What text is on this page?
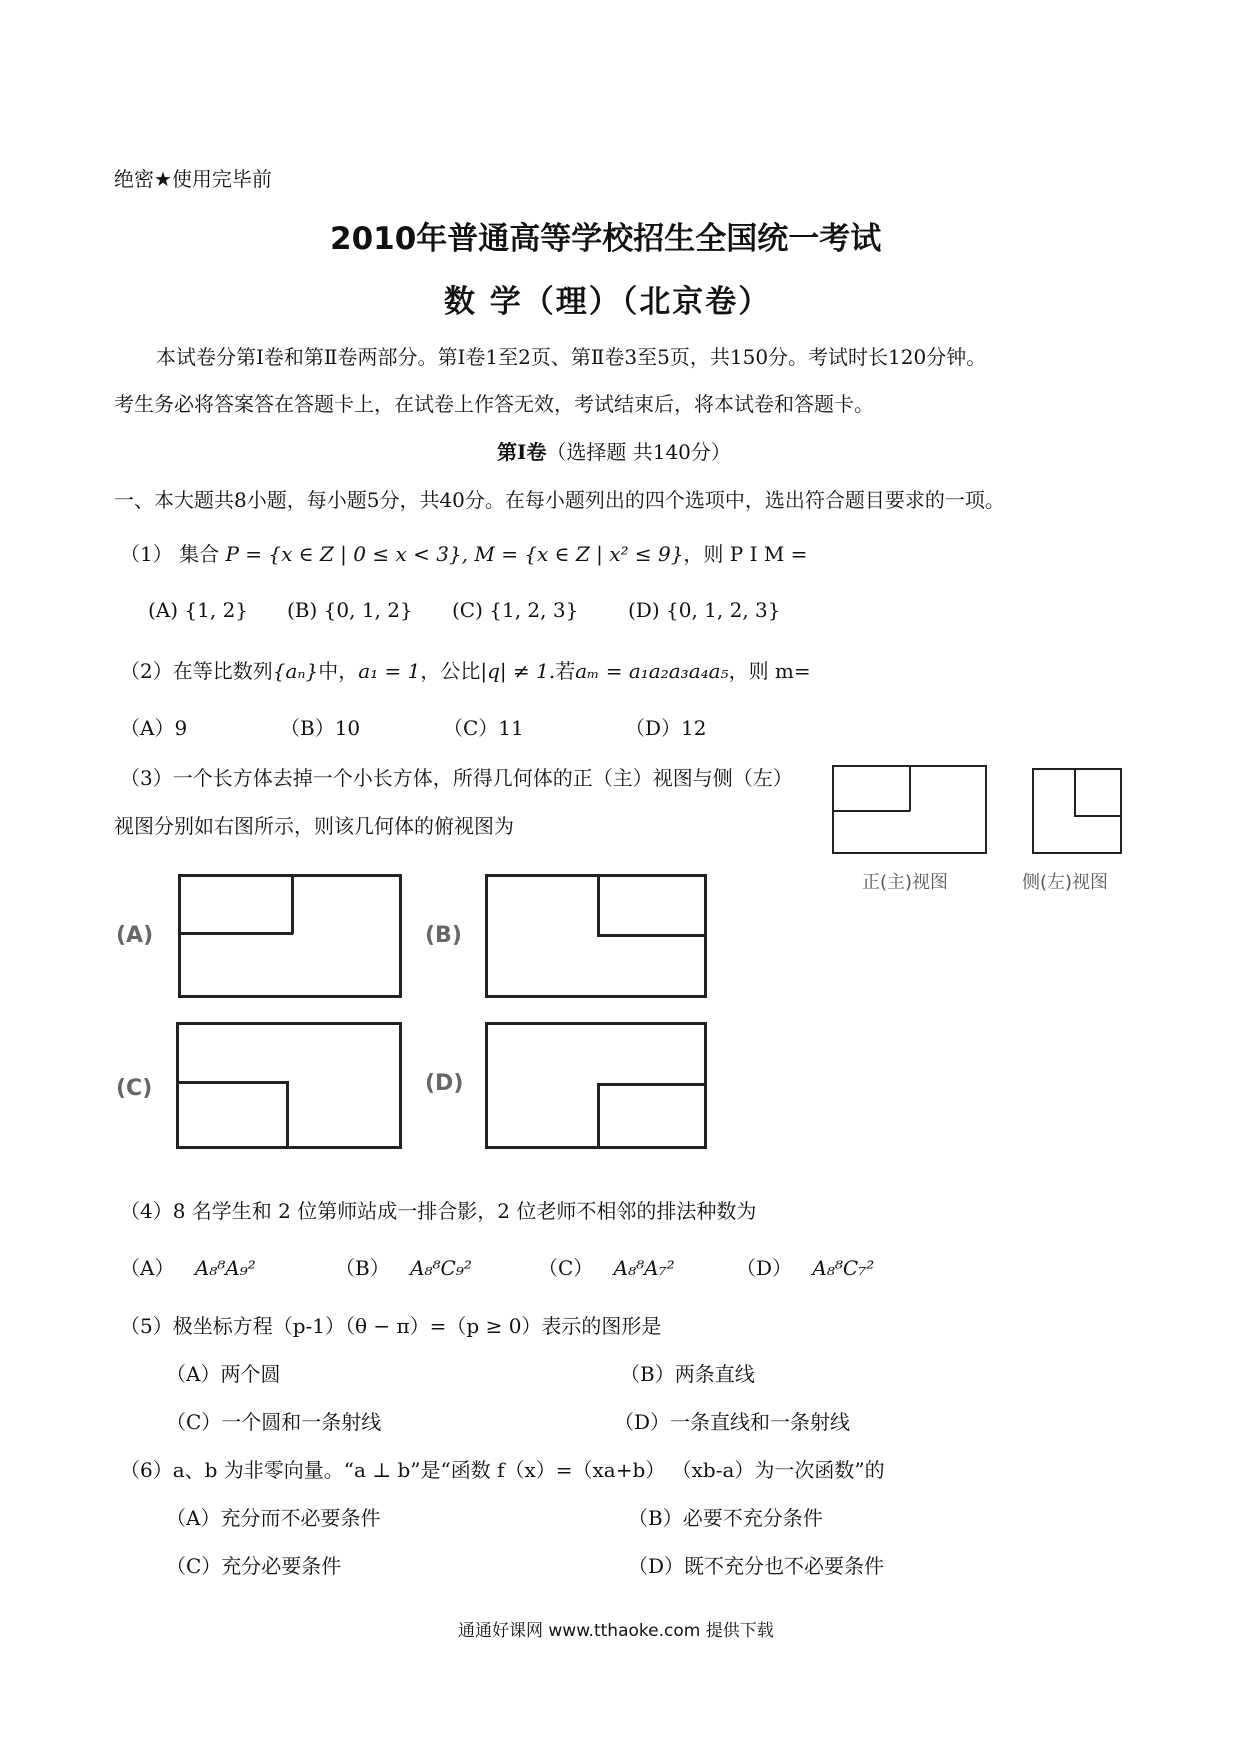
绝密★使用完毕前
2010年普通高等学校招生全国统一考试
数 学（理）（北京卷）
本试卷分第Ⅰ卷和第Ⅱ卷两部分。第Ⅰ卷1至2页、第Ⅱ卷3至5页，共150分。考试时长120分钟。
考生务必将答案答在答题卡上，在试卷上作答无效，考试结束后，将本试卷和答题卡。
第Ⅰ卷（选择题 共140分）
一、本大题共8小题，每小题5分，共40分。在每小题列出的四个选项中，选出符合题目要求的一项。
（1） 集合 P = {x ∈ Z | 0 ≤ x < 3}, M = {x ∈ Z | x² ≤ 9}，则 P I M =
(A) {1, 2} (B) {0, 1, 2} (C) {1, 2, 3} (D) {0, 1, 2, 3}
（2）在等比数列{aₙ}中，a₁ = 1，公比|q| ≠ 1.若aₘ = a₁a₂a₃a₄a₅，则 m=
（A）9	（B）10	（C）11	（D）12
（3）一个长方体去掉一个小长方体，所得几何体的正（主）视图与侧（左）
视图分别如右图所示，则该几何体的俯视图为
正(主)视图	侧(左)视图
(A)	(B)
(C)	(D)
（4）8 名学生和 2 位第师站成一排合影，2 位老师不相邻的排法种数为
（A） A₈⁸A₉²	（B） A₈⁸C₉²	（C） A₈⁸A₇²	（D） A₈⁸C₇²
（5）极坐标方程（p-1）（θ − π）=（p ≥ 0）表示的图形是
（A）两个圆	（B）两条直线
（C）一个圆和一条射线	（D）一条直线和一条射线
（6）a、b 为非零向量。“a ⊥ b”是“函数 f（x）=（xa+b） （xb-a）为一次函数”的
（A）充分而不必要条件	（B）必要不充分条件
（C）充分必要条件	（D）既不充分也不必要条件
通通好课网 www.tthaoke.com 提供下载
